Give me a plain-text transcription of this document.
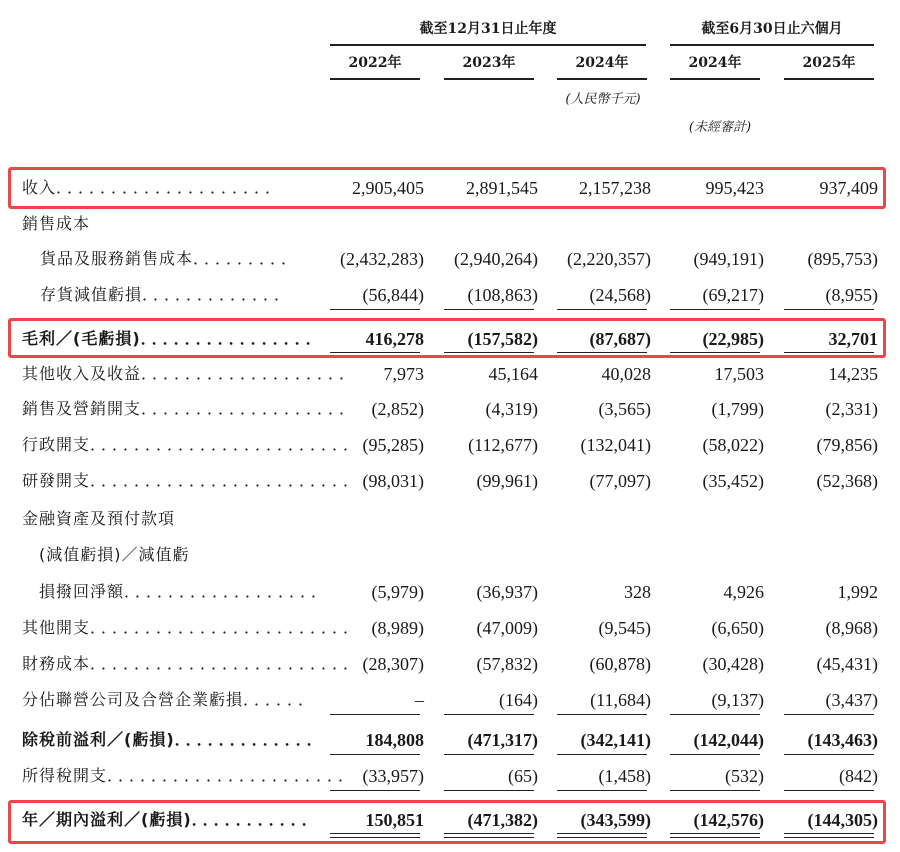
截至12月31日止年度	截至6月30日止六個月
2022年	2023年	2024年	2024年	2025年
(人民幣千元)
(未經審計)
收入．．．．．．．．．．．．．．．．．．．．	2,905,405	2,891,545	2,157,238	995,423	937,409
銷售成本
貨品及服務銷售成本．．．．．．．．．	(2,432,283)	(2,940,264)	(2,220,357)	(949,191)	(895,753)
存貨減值虧損．．．．．．．．．．．．．	(56,844)	(108,863)	(24,568)	(69,217)	(8,955)
毛利／(毛虧損)．．．．．．．．．．．．．．．．	416,278	(157,582)	(87,687)	(22,985)	32,701
其他收入及收益．．．．．．．．．．．．．．．．．．．	7,973	45,164	40,028	17,503	14,235
銷售及營銷開支．．．．．．．．．．．．．．．．．．． (2,852)	(4,319)	(3,565)	(1,799)	(2,331)
行政開支．．．．．．．．．．．．．．．．．．．．．．．． (95,285)	(112,677)	(132,041)	(58,022)	(79,856)
研發開支．．．．．．．．．．．．．．．．．．．．．．．． (98,031)	(99,961)	(77,097)	(35,452)	(52,368)
金融資產及預付款項
　(減值虧損)／減值虧
　損撥回淨額．．．．．．．．．．．．．．．．．．	(5,979)	(36,937)	328	4,926	1,992
其他開支．．．．．．．．．．．．．．．．．．．．．．．． (8,989)	(47,009)	(9,545)	(6,650)	(8,968)
財務成本．．．．．．．．．．．．．．．．．．．．．．．． (28,307)	(57,832)	(60,878)	(30,428)	(45,431)
分佔聯營公司及合營企業虧損．．．．．．	–	(164)	(11,684)	(9,137)	(3,437)
除稅前溢利／(虧損)．．．．．．．．．．．．．	184,808	(471,317)	(342,141)	(142,044)	(143,463)
所得稅開支．．．．．．．．．．．．．．．．．．．．．． (33,957)	(65)	(1,458)	(532)	(842)
年／期內溢利／(虧損)．．．．．．．．．．．	150,851	(471,382)	(343,599)	(142,576)	(144,305)
